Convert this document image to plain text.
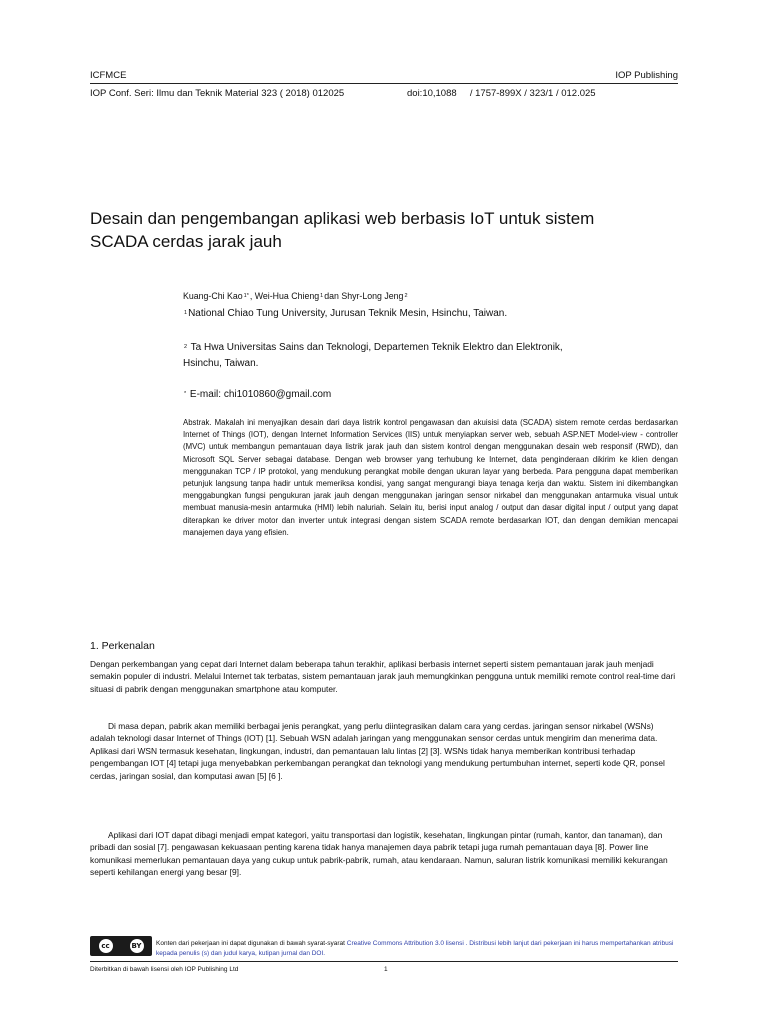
ICFMCE	IOP Publishing
IOP Conf. Seri: Ilmu dan Teknik Material 323 ( 2018) 012025	doi:10,1088     / 1757-899X / 323/1 / 012.025
Desain dan pengembangan aplikasi web berbasis IoT untuk sistem
SCADA cerdas jarak jauh
Kuang-Chi Kao$^{1*}$, Wei-Hua Chieng$^1$dan Shyr-Long Jeng$^2$
$^1$National Chiao Tung University, Jurusan Teknik Mesin, Hsinchu, Taiwan.
$^2$ Ta Hwa Universitas Sains dan Teknologi, Departemen Teknik Elektro dan Elektronik,
Hsinchu, Taiwan.
* E-mail: chi1010860@gmail.com
Abstrak. Makalah ini menyajikan desain dari daya listrik kontrol pengawasan dan akuisisi data (SCADA) sistem remote cerdas berdasarkan Internet of Things (IOT), dengan Internet Information Services (IIS) untuk menyiapkan server web, sebuah ASP.NET Model-view - controller (MVC) untuk membangun pemantauan daya listrik jarak jauh dan sistem kontrol dengan menggunakan desain web responsif (RWD), dan Microsoft SQL Server sebagai database. Dengan web browser yang terhubung ke Internet, data penginderaan dikirim ke klien dengan menggunakan TCP / IP protokol, yang mendukung perangkat mobile dengan ukuran layar yang berbeda. Para pengguna dapat memberikan petunjuk langsung tanpa hadir untuk memeriksa kondisi, yang sangat mengurangi biaya tenaga kerja dan waktu. Sistem ini dikembangkan menggabungkan fungsi pengukuran jarak jauh dengan menggunakan jaringan sensor nirkabel dan menggunakan antarmuka visual untuk membuat manusia-mesin antarmuka (HMI) lebih naluriah. Selain itu, berisi input analog / output dan dasar digital input / output yang dapat diterapkan ke driver motor dan inverter untuk integrasi dengan sistem SCADA remote berdasarkan IOT, dan dengan demikian mencapai manajemen daya yang efisien.
1. Perkenalan
Dengan perkembangan yang cepat dari Internet dalam beberapa tahun terakhir, aplikasi berbasis internet seperti sistem pemantauan jarak jauh menjadi semakin populer di industri. Melalui Internet tak terbatas, sistem pemantauan jarak jauh memungkinkan pengguna untuk memiliki remote control real-time dari situasi di pabrik dengan menggunakan smartphone atau komputer.
Di masa depan, pabrik akan memiliki berbagai jenis perangkat, yang perlu diintegrasikan dalam cara yang cerdas. jaringan sensor nirkabel (WSNs) adalah teknologi dasar Internet of Things (IOT) [1]. Sebuah WSN adalah jaringan yang menggunakan sensor cerdas untuk mengirim dan menerima data. Aplikasi dari WSN termasuk kesehatan, lingkungan, industri, dan pemantauan lalu lintas [2] [3]. WSNs tidak hanya memberikan kontribusi terhadap pengembangan IOT [4] tetapi juga menyebabkan perkembangan perangkat dan teknologi yang mendukung pertumbuhan internet, seperti kode QR, ponsel cerdas, jaringan sosial, dan komputasi awan [5] [6 ].
Aplikasi dari IOT dapat dibagi menjadi empat kategori, yaitu transportasi dan logistik, kesehatan, lingkungan pintar (rumah, kantor, dan tanaman), dan pribadi dan sosial [7]. pengawasan kekuasaan penting karena tidak hanya manajemen daya pabrik tetapi juga rumah pemantauan daya [8]. Power line komunikasi memerlukan pemantauan daya yang cukup untuk pabrik-pabrik, rumah, atau kendaraan. Namun, saluran listrik komunikasi memiliki kekurangan seperti kehilangan energi yang besar [9].
cc	BY	Konten dari pekerjaan ini dapat digunakan di bawah syarat-syarat Creative Commons Attribution 3.0 lisensi . Distribusi lebih lanjut dari pekerjaan ini harus mempertahankan atribusi kepada penulis (s) dan judul karya, kutipan jurnal dan DOI.
Diterbitkan di bawah lisensi oleh IOP Publishing Ltd	1
